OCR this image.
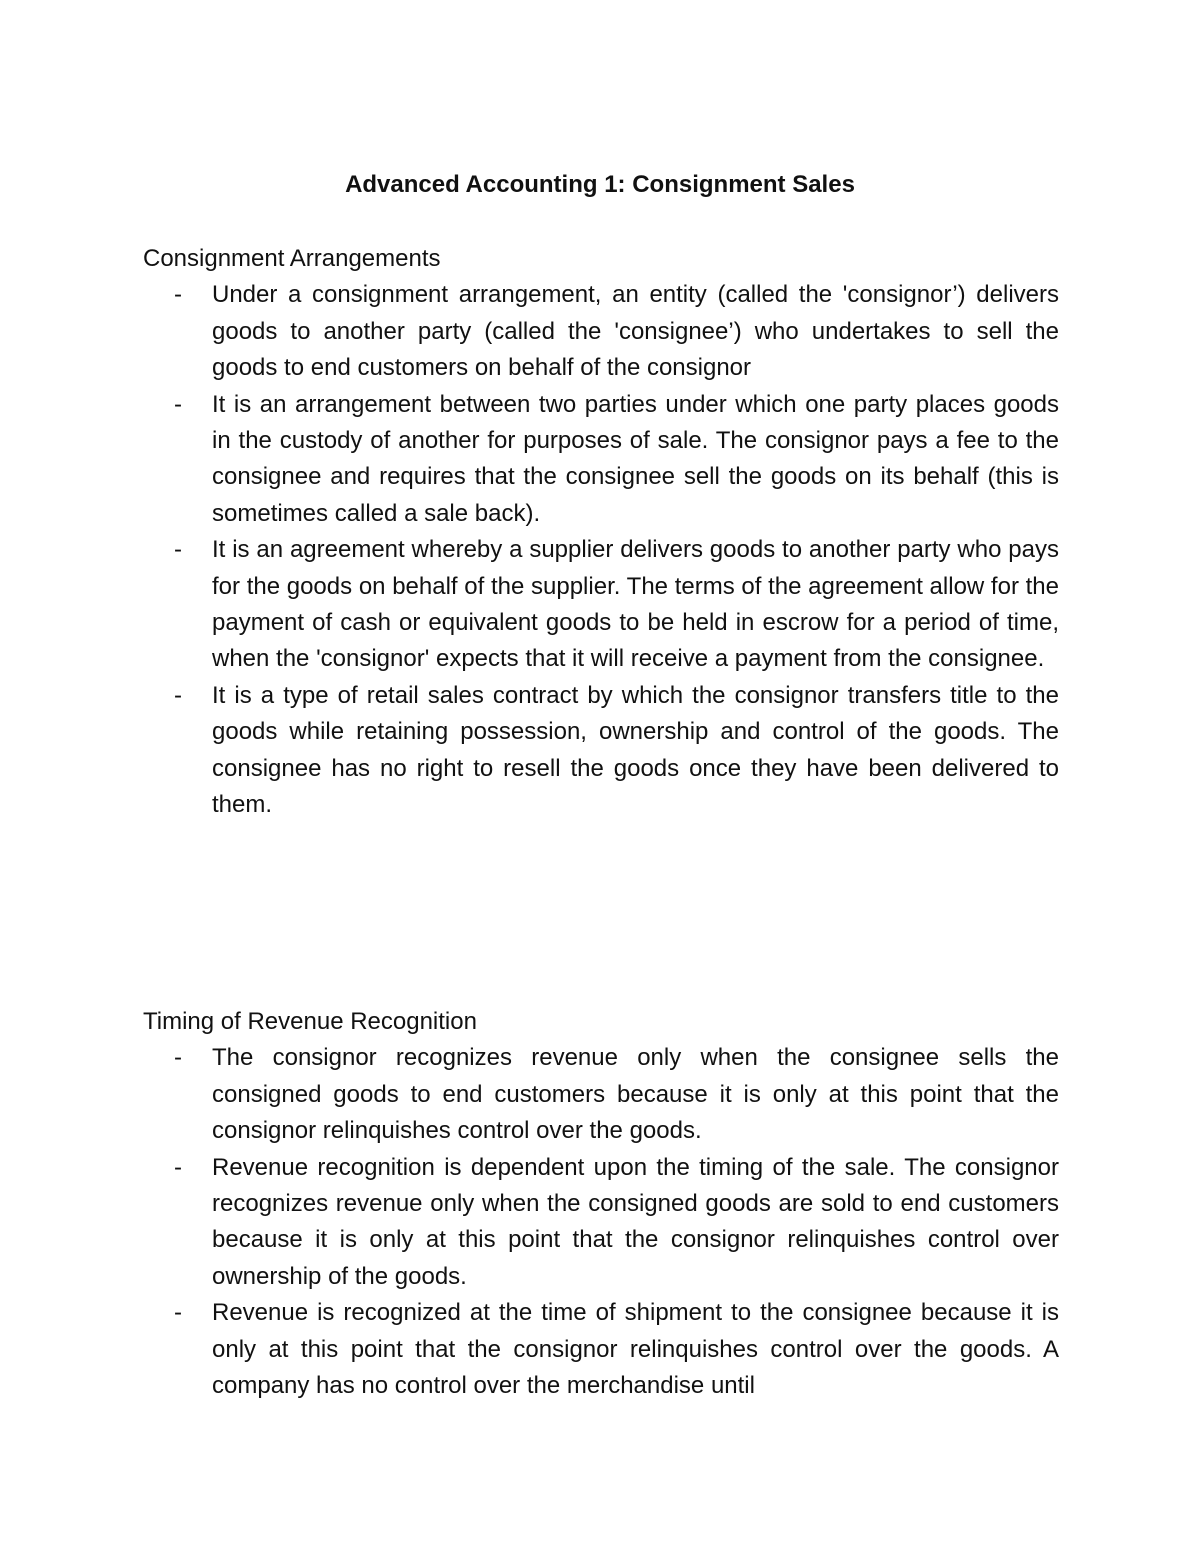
Advanced Accounting 1: Consignment Sales
Consignment Arrangements
- Under a consignment arrangement, an entity (called the 'consignor’) delivers goods to another party (called the 'consignee’) who undertakes to sell the goods to end customers on behalf of the consignor
- It is an arrangement between two parties under which one party places goods in the custody of another for purposes of sale. The consignor pays a fee to the consignee and requires that the consignee sell the goods on its behalf (this is sometimes called a sale back).
- It is an agreement whereby a supplier delivers goods to another party who pays for the goods on behalf of the supplier. The terms of the agreement allow for the payment of cash or equivalent goods to be held in escrow for a period of time, when the 'consignor' expects that it will receive a payment from the consignee.
- It is a type of retail sales contract by which the consignor transfers title to the goods while retaining possession, ownership and control of the goods. The consignee has no right to resell the goods once they have been delivered to them.
Timing of Revenue Recognition
- The consignor recognizes revenue only when the consignee sells the consigned goods to end customers because it is only at this point that the consignor relinquishes control over the goods.
- Revenue recognition is dependent upon the timing of the sale. The consignor recognizes revenue only when the consigned goods are sold to end customers because it is only at this point that the consignor relinquishes control over ownership of the goods.
- Revenue is recognized at the time of shipment to the consignee because it is only at this point that the consignor relinquishes control over the goods. A company has no control over the merchandise until
